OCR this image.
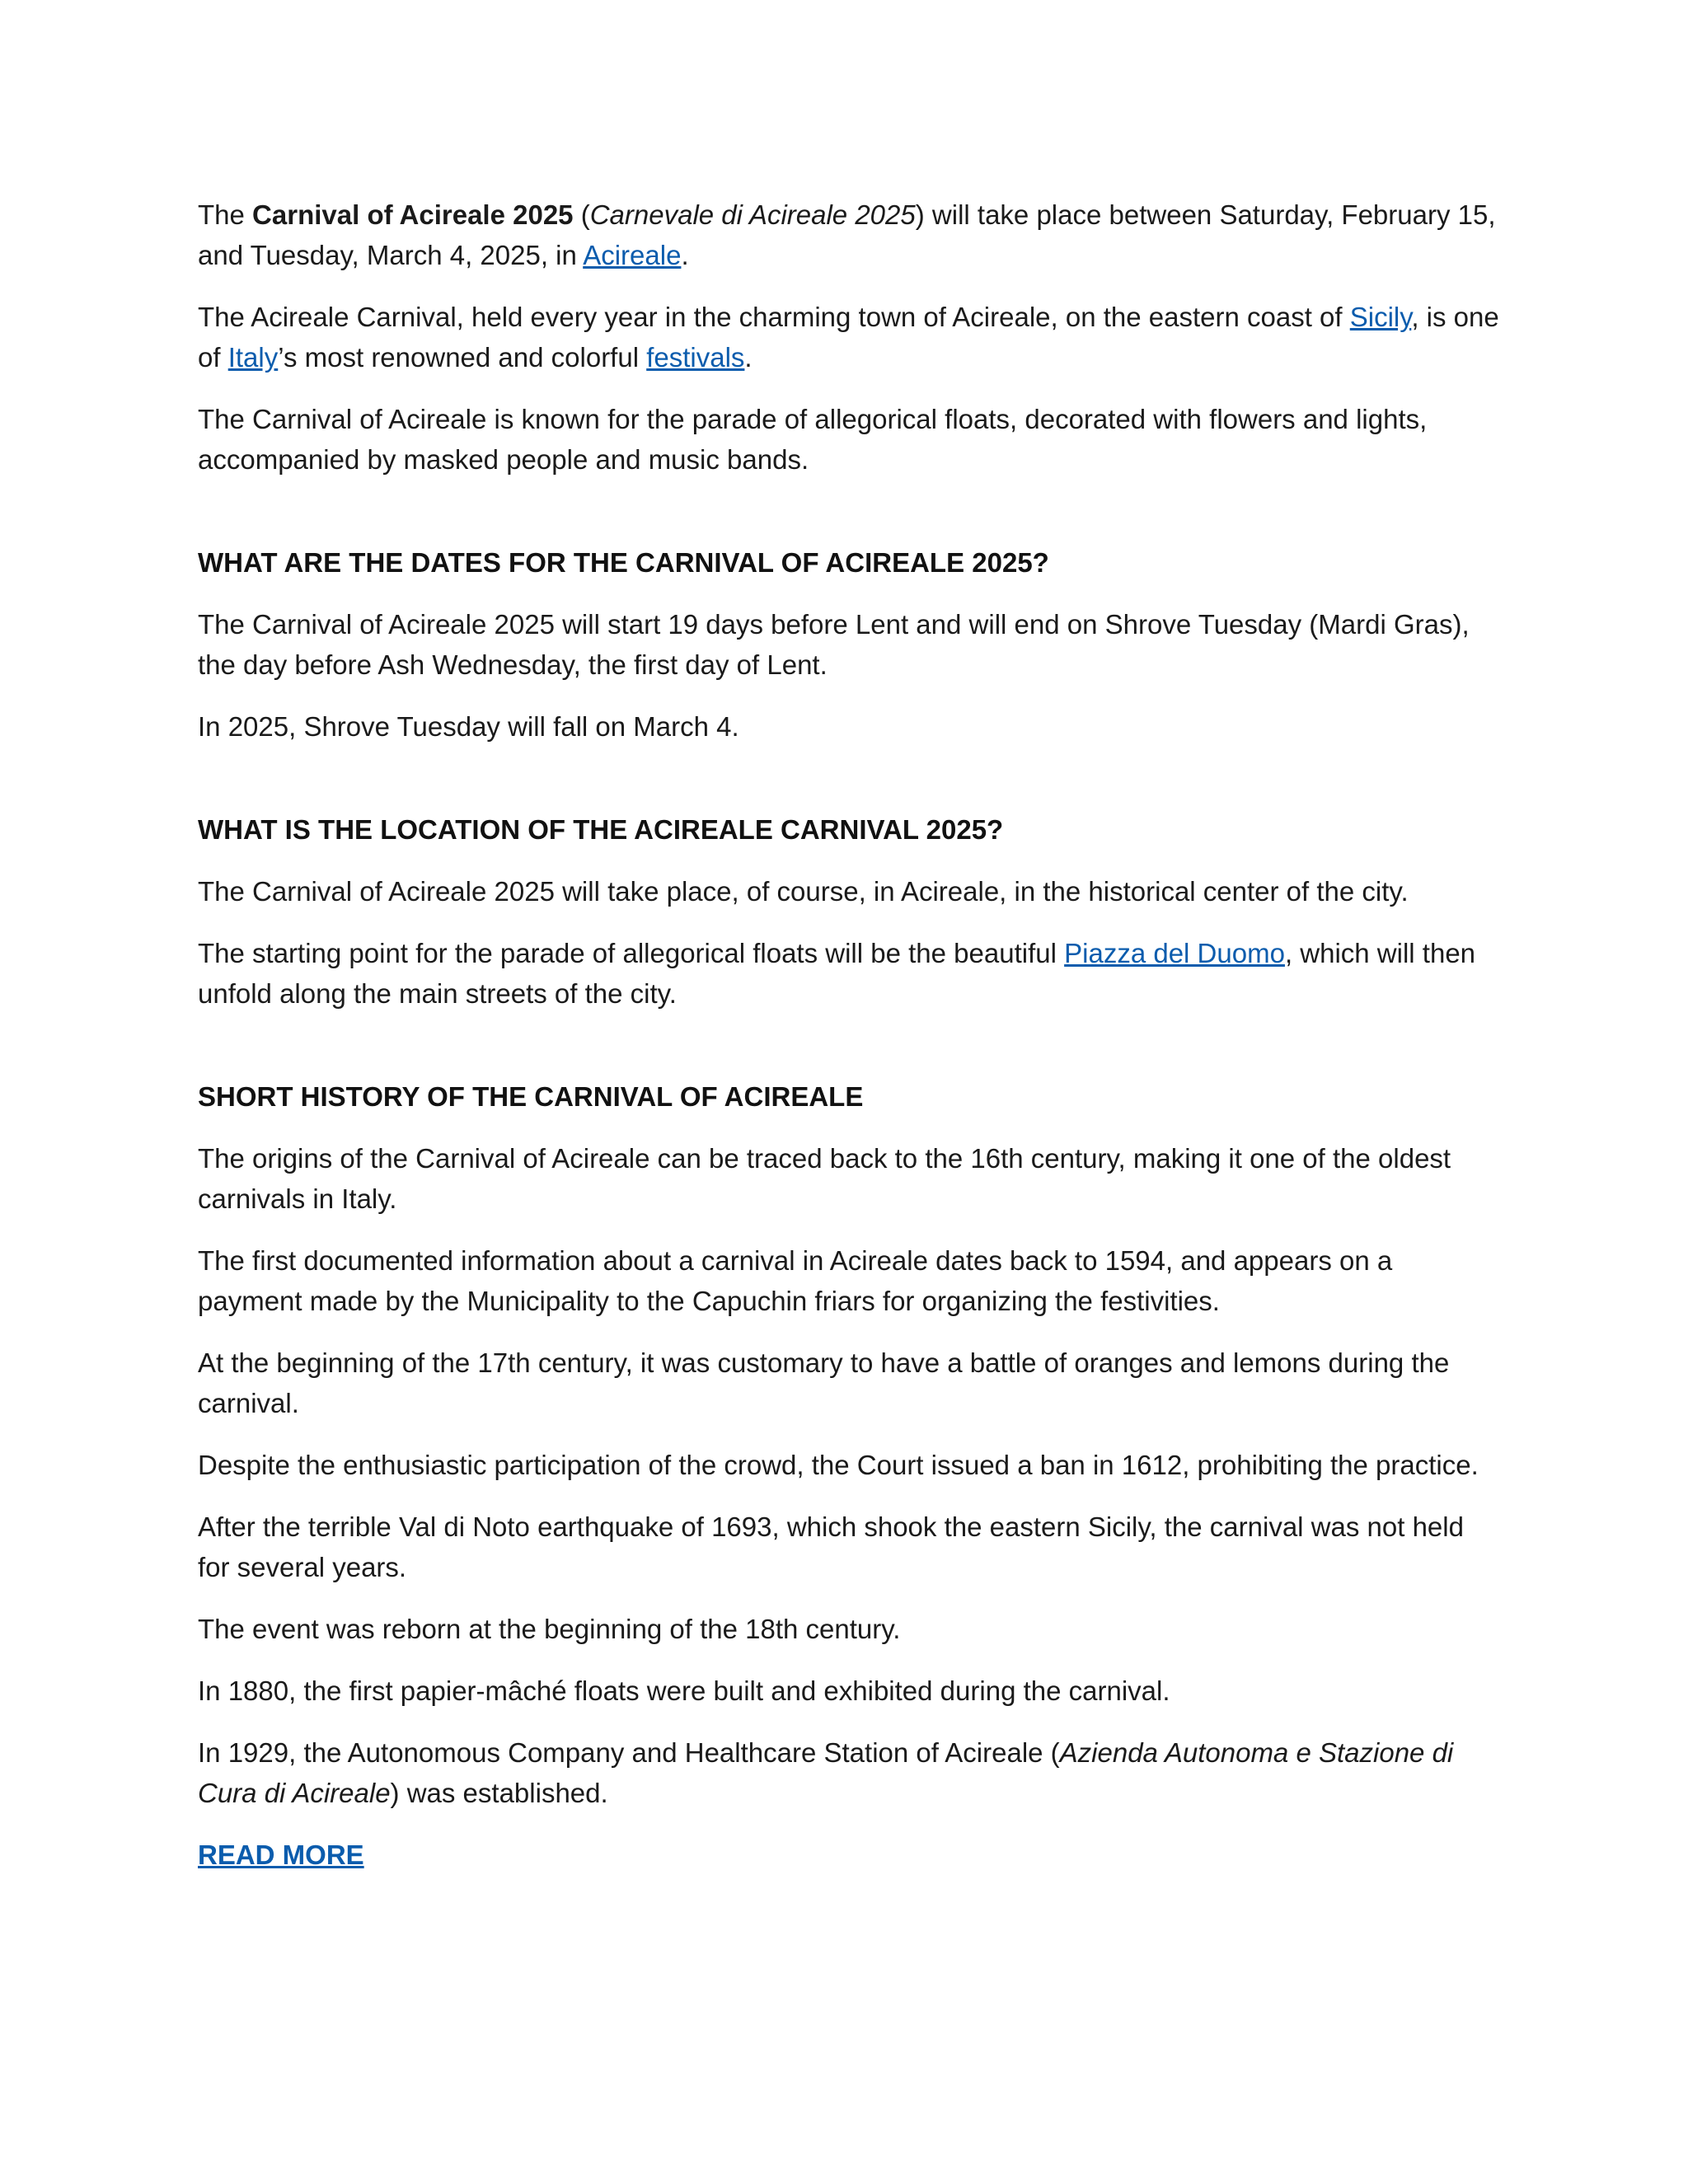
The Carnival of Acireale 2025 (Carnevale di Acireale 2025) will take place between Saturday, February 15, and Tuesday, March 4, 2025, in Acireale.

The Acireale Carnival, held every year in the charming town of Acireale, on the eastern coast of Sicily, is one of Italy’s most renowned and colorful festivals.

The Carnival of Acireale is known for the parade of allegorical floats, decorated with flowers and lights, accompanied by masked people and music bands.

WHAT ARE THE DATES FOR THE CARNIVAL OF ACIREALE 2025?

The Carnival of Acireale 2025 will start 19 days before Lent and will end on Shrove Tuesday (Mardi Gras), the day before Ash Wednesday, the first day of Lent.

In 2025, Shrove Tuesday will fall on March 4.

WHAT IS THE LOCATION OF THE ACIREALE CARNIVAL 2025?

The Carnival of Acireale 2025 will take place, of course, in Acireale, in the historical center of the city.

The starting point for the parade of allegorical floats will be the beautiful Piazza del Duomo, which will then unfold along the main streets of the city.

SHORT HISTORY OF THE CARNIVAL OF ACIREALE

The origins of the Carnival of Acireale can be traced back to the 16th century, making it one of the oldest carnivals in Italy.

The first documented information about a carnival in Acireale dates back to 1594, and appears on a payment made by the Municipality to the Capuchin friars for organizing the festivities.

At the beginning of the 17th century, it was customary to have a battle of oranges and lemons during the carnival.

Despite the enthusiastic participation of the crowd, the Court issued a ban in 1612, prohibiting the practice.

After the terrible Val di Noto earthquake of 1693, which shook the eastern Sicily, the carnival was not held for several years.

The event was reborn at the beginning of the 18th century.

In 1880, the first papier-mâché floats were built and exhibited during the carnival.

In 1929, the Autonomous Company and Healthcare Station of Acireale (Azienda Autonoma e Stazione di Cura di Acireale) was established.

READ MORE
